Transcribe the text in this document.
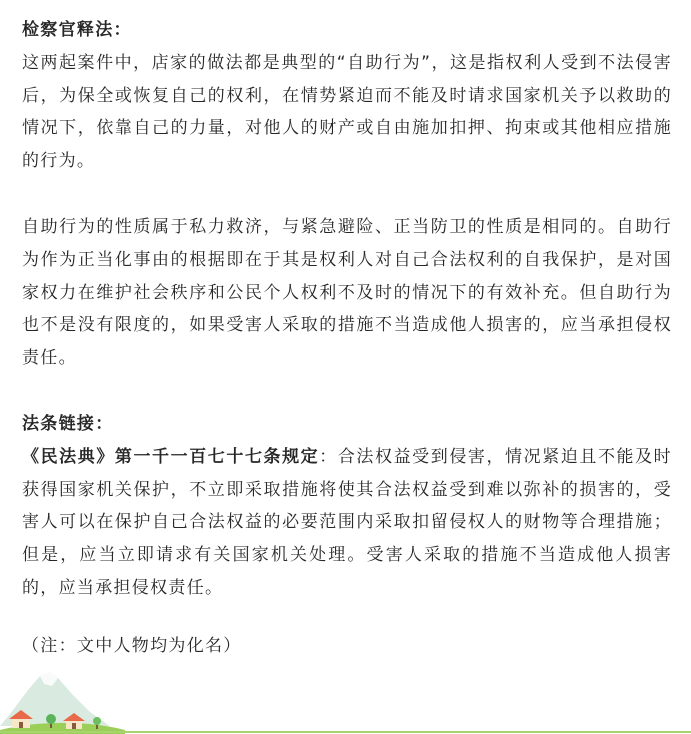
检察官释法：

这两起案件中，店家的做法都是典型的“自助行为”，这是指权利人受到不法侵害后，为保全或恢复自己的权利，在情势紧迫而不能及时请求国家机关予以救助的情况下，依靠自己的力量，对他人的财产或自由施加扣押、拘束或其他相应措施的行为。

自助行为的性质属于私力救济，与紧急避险、正当防卫的性质是相同的。自助行为作为正当化事由的根据即在于其是权利人对自己合法权利的自我保护，是对国家权力在维护社会秩序和公民个人权利不及时的情况下的有效补充。但自助行为也不是没有限度的，如果受害人采取的措施不当造成他人损害的，应当承担侵权责任。

法条链接：

《民法典》第一千一百七十七条规定：合法权益受到侵害，情况紧迫且不能及时获得国家机关保护，不立即采取措施将使其合法权益受到难以弥补的损害的，受害人可以在保护自己合法权益的必要范围内采取扣留侵权人的财物等合理措施；但是，应当立即请求有关国家机关处理。受害人采取的措施不当造成他人损害的，应当承担侵权责任。

（注：文中人物均为化名）
